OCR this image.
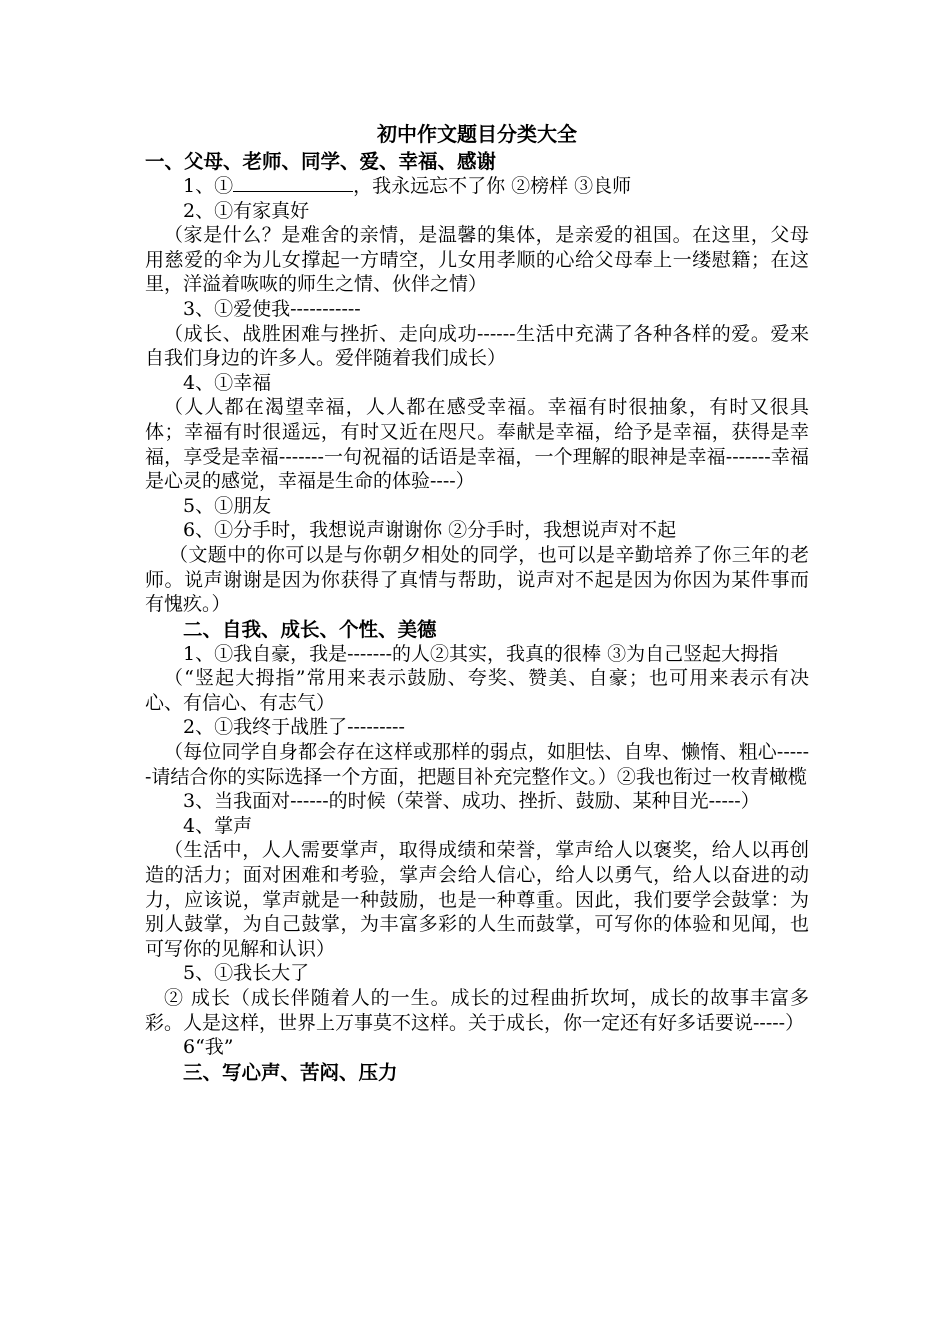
初中作文题目分类大全

一、父母、老师、同学、爱、幸福、感谢

1、①	，我永远忘不了你 ②榜样 ③良师

2、①有家真好

（家是什么？是难舍的亲情，是温馨的集体，是亲爱的祖国。在这里，父母用慈爱的伞为儿女撑起一方晴空，儿女用孝顺的心给父母奉上一缕慰籍；在这里，洋溢着咴咴的师生之情、伙伴之情）

3、①爱使我-----------

（成长、战胜困难与挫折、走向成功------生活中充满了各种各样的爱。爱来自我们身边的许多人。爱伴随着我们成长）

4、①幸福

（人人都在渴望幸福，人人都在感受幸福。幸福有时很抽象，有时又很具体；幸福有时很遥远，有时又近在咫尺。奉献是幸福，给予是幸福，获得是幸福，享受是幸福-------一句祝福的话语是幸福，一个理解的眼神是幸福-------幸福是心灵的感觉，幸福是生命的体验----）

5、①朋友

6、①分手时，我想说声谢谢你 ②分手时，我想说声对不起

（文题中的你可以是与你朝夕相处的同学，也可以是辛勤培养了你三年的老师。说声谢谢是因为你获得了真情与帮助，说声对不起是因为你因为某件事而有愧疚。）

二、自我、成长、个性、美德

1、①我自豪，我是-------的人②其实，我真的很棒 ③为自己竖起大拇指

（“竖起大拇指”常用来表示鼓励、夸奖、赞美、自豪；也可用来表示有决心、有信心、有志气）

2、①我终于战胜了---------

（每位同学自身都会存在这样或那样的弱点，如胆怯、自卑、懒惰、粗心------请结合你的实际选择一个方面，把题目补充完整作文。）②我也衔过一枚青橄榄

3、当我面对------的时候（荣誉、成功、挫折、鼓励、某种目光-----）

4、掌声

（生活中，人人需要掌声，取得成绩和荣誉，掌声给人以褒奖，给人以再创造的活力；面对困难和考验，掌声会给人信心，给人以勇气，给人以奋进的动力，应该说，掌声就是一种鼓励，也是一种尊重。因此，我们要学会鼓掌：为别人鼓掌，为自己鼓掌，为丰富多彩的人生而鼓掌，可写你的体验和见闻，也可写你的见解和认识）

5、①我长大了

② 成长（成长伴随着人的一生。成长的过程曲折坎坷，成长的故事丰富多彩。人是这样，世界上万事莫不这样。关于成长，你一定还有好多话要说-----）

6“我”

三、写心声、苦闷、压力
